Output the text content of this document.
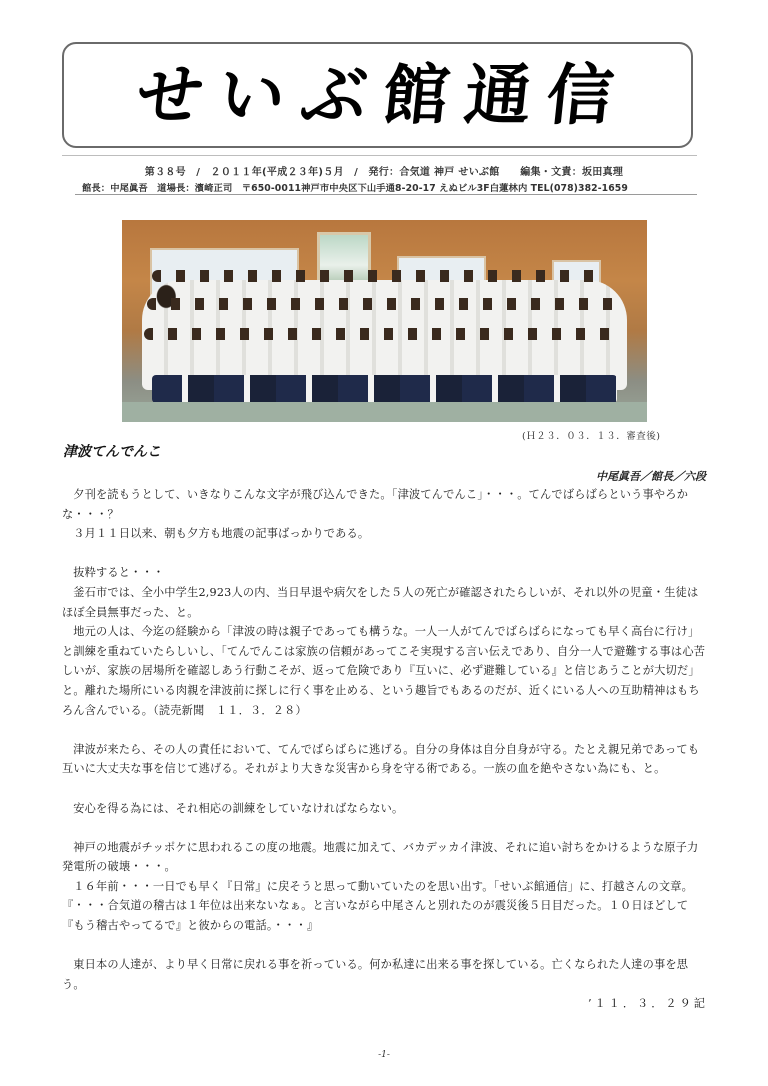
せいぶ館通信
第３８号　/　２０１１年(平成２３年)５月　/　発行：合気道 神戸 せいぶ館　　編集・文責：坂田真理
館長：中尾眞吾　道場長：濱崎正司　〒650-0011神戸市中央区下山手通8-20-17 えぬビル3F白蓮林内 TEL(078)382-1659
(Ｈ２３．０３．１３．審査後)
津波てんでんこ
中尾眞吾／館長／六段

夕刊を読もうとして、いきなりこんな文字が飛び込んできた。「津波てんでんこ」・・・。てんでばらばらという事やろかな・・・？

３月１１日以来、朝も夕方も地震の記事ばっかりである。

抜粋すると・・・

釜石市では、全小中学生2,923人の内、当日早退や病欠をした５人の死亡が確認されたらしいが、それ以外の児童・生徒はほぼ全員無事だった、と。

地元の人は、今迄の経験から「津波の時は親子であっても構うな。一人一人がてんでばらばらになっても早く高台に行け」と訓練を重ねていたらしいし、「てんでんこは家族の信頼があってこそ実現する言い伝えであり、自分一人で避難する事は心苦しいが、家族の居場所を確認しあう行動こそが、返って危険であり『互いに、必ず避難している』と信じあうことが大切だ」と。離れた場所にいる肉親を津波前に探しに行く事を止める、という趣旨でもあるのだが、近くにいる人への互助精神はもちろん含んでいる。（読売新聞　１１．３．２８）

津波が来たら、その人の責任において、てんでばらばらに逃げる。自分の身体は自分自身が守る。たとえ親兄弟であっても互いに大丈夫な事を信じて逃げる。それがより大きな災害から身を守る術である。一族の血を絶やさない為にも、と。

安心を得る為には、それ相応の訓練をしていなければならない。

神戸の地震がチッポケに思われるこの度の地震。地震に加えて、バカデッカイ津波、それに追い討ちをかけるような原子力発電所の破壊・・・。

１６年前・・・一日でも早く『日常』に戻そうと思って動いていたのを思い出す。「せいぶ館通信」に、打越さんの文章。『・・・合気道の稽古は１年位は出来ないなぁ。と言いながら中尾さんと別れたのが震災後５日目だった。１０日ほどして『もう稽古やってるで』と彼からの電話。・・・』

東日本の人達が、より早く日常に戻れる事を祈っている。何か私達に出来る事を探している。亡くなられた人達の事を思う。

’１１．３．２９記
-1-
